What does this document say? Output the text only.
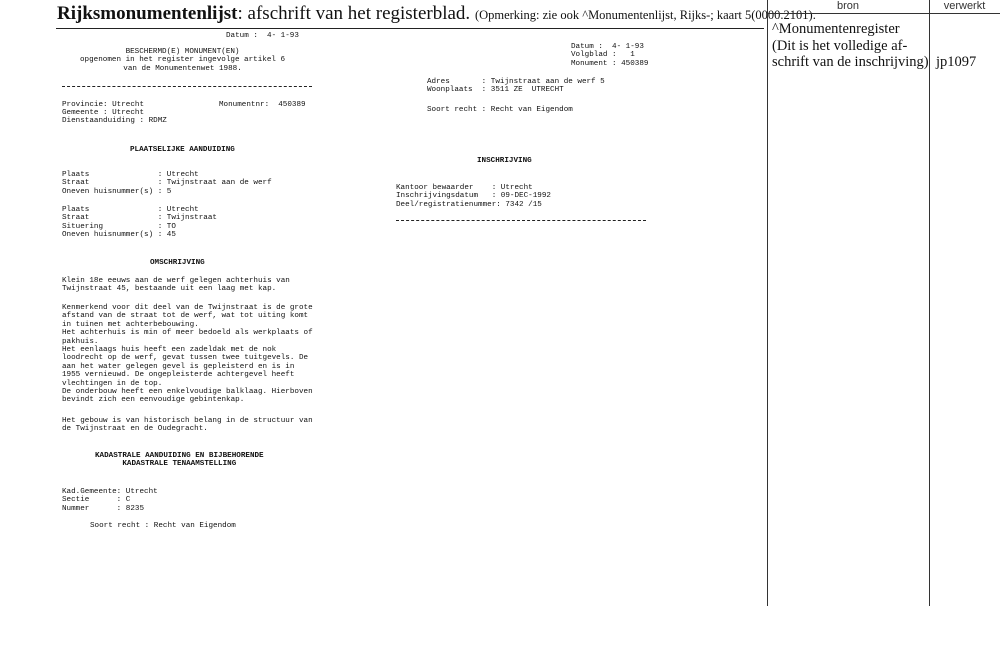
Rijksmonumentenlijst: afschrift van het registerblad. (Opmerking: zie ook ^Monumentenlijst, Rijks-; kaart 5(0000.2101).
bron	verwerkt
^Monumentenregister
(Dit is het volledige af-
schrift van de inschrijving) jp1097
Datum :  4- 1-93
BESCHERMD(E) MONUMENT(EN)
opgenomen in het register ingevolge artikel 6
van de Monumentenwet 1988.
Provincie: Utrecht	Monumentnr:  450389
Gemeente : Utrecht
Dienstaanduiding : RDMZ
PLAATSELIJKE AANDUIDING
Plaats               : Utrecht
Straat               : Twijnstraat aan de werf
Oneven huisnummer(s) : 5
Plaats               : Utrecht
Straat               : Twijnstraat
Situering            : TO
Oneven huisnummer(s) : 45
OMSCHRIJVING
Klein 18e eeuws aan de werf gelegen achterhuis van
Twijnstraat 45, bestaande uit een laag met kap.
Kenmerkend voor dit deel van de Twijnstraat is de grote
afstand van de straat tot de werf, wat tot uiting komt
in tuinen met achterbebouwing.
Het achterhuis is min of meer bedoeld als werkplaats of
pakhuis.
Het eenlaags huis heeft een zadeldak met de nok
loodrecht op de werf, gevat tussen twee tuitgevels. De
aan het water gelegen gevel is gepleisterd en is in
1955 vernieuwd. De ongepleisterde achtergevel heeft
vlechtingen in de top.
De onderbouw heeft een enkelvoudige balklaag. Hierboven
bevindt zich een eenvoudige gebintenkap.
Het gebouw is van historisch belang in de structuur van
de Twijnstraat en de Oudegracht.
KADASTRALE AANDUIDING EN BIJBEHORENDE
KADASTRALE TENAAMSTELLING
Kad.Gemeente: Utrecht
Sectie      : C
Nummer      : 8235
Soort recht : Recht van Eigendom
Datum :  4- 1-93
Volgblad :   1
Monument : 450389
Adres       : Twijnstraat aan de werf 5
Woonplaats  : 3511 ZE  UTRECHT
Soort recht : Recht van Eigendom
INSCHRIJVING
Kantoor bewaarder    : Utrecht
Inschrijvingsdatum   : 09-DEC-1992
Deel/registratienummer: 7342 /15
